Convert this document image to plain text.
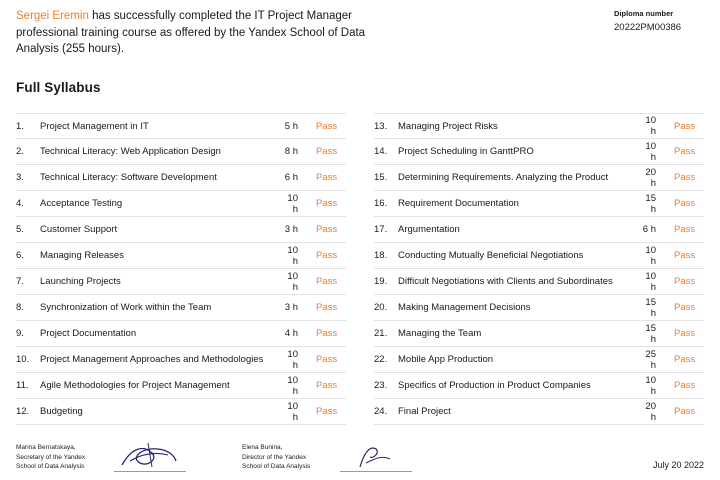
Sergei Eremin has successfully completed the IT Project Manager professional training course as offered by the Yandex School of Data Analysis (255 hours).
Diploma number
20222PM00386
Full Syllabus
1.	Project Management in IT	5 h	Pass
2.	Technical Literacy: Web Application Design	8 h	Pass
3.	Technical Literacy: Software Development	6 h	Pass
4.	Acceptance Testing	10 h	Pass
5.	Customer Support	3 h	Pass
6.	Managing Releases	10 h	Pass
7.	Launching Projects	10 h	Pass
8.	Synchronization of Work within the Team	3 h	Pass
9.	Project Documentation	4 h	Pass
10.	Project Management Approaches and Methodologies	10 h	Pass
11.	Agile Methodologies for Project Management	10 h	Pass
12.	Budgeting	10 h	Pass
13.	Managing Project Risks	10 h	Pass
14.	Project Scheduling in GanttPRO	10 h	Pass
15.	Determining Requirements. Analyzing the Product	20 h	Pass
16.	Requirement Documentation	15 h	Pass
17.	Argumentation	6 h	Pass
18.	Conducting Mutually Beneficial Negotiations	10 h	Pass
19.	Difficult Negotiations with Clients and Subordinates	10 h	Pass
20.	Making Management Decisions	15 h	Pass
21.	Managing the Team	15 h	Pass
22.	Mobile App Production	25 h	Pass
23.	Specifics of Production in Product Companies	10 h	Pass
24.	Final Project	20 h	Pass
Marina Bernatskaya,
Secretary of the Yandex
School of Data Analysis
Elena Bunina,
Director of the Yandex
School of Data Analysis	July 20 2022
